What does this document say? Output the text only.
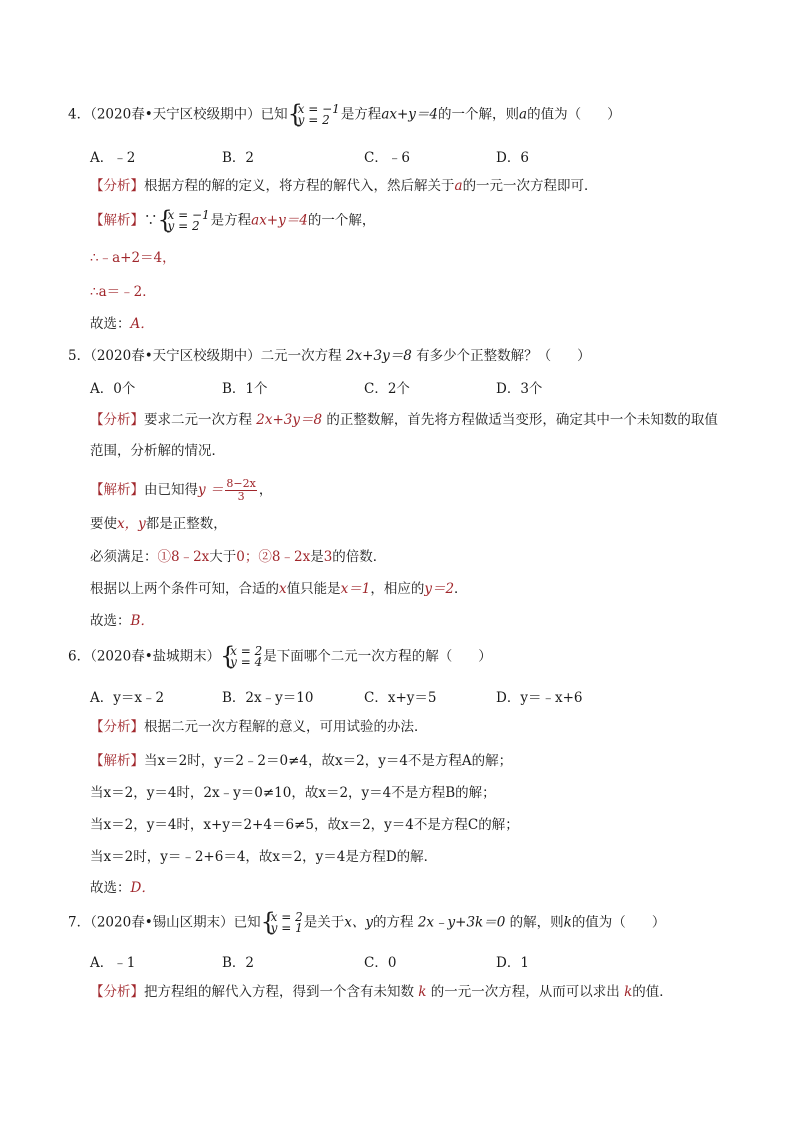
4．（2020春•天宁区校级期中）已知 { x = −1
y = 2 是方程ax+y＝4的一个解，则a的值为（ ）
A．﹣2	B．2	C．﹣6	D．6
【分析】根据方程的解的定义，将方程的解代入，然后解关于a的一元一次方程即可．
【解析】∵ { x = −1
y = 2 是方程ax+y＝4的一个解，
∴﹣a+2＝4，
∴a＝﹣2．
故选：A．
5．（2020春•天宁区校级期中）二元一次方程 2x+3y＝8 有多少个正整数解？（ ）
A．0个	B．1个	C．2个	D．3个
【分析】要求二元一次方程 2x+3y＝8 的正整数解，首先将方程做适当变形，确定其中一个未知数的取值
范围，分析解的情况．
【解析】由已知得$y = \frac{8-2x}{3}$ ，
要使x，y都是正整数，
必须满足：①8﹣2x大于0；②8﹣2x是3的倍数．
根据以上两个条件可知，合适的x值只能是x＝1，相应的y＝2．
故选：B．
6．（2020春•盐城期末） { x = 2
y = 4 是下面哪个二元一次方程的解（ ）
A．y＝x﹣2	B．2x﹣y＝10	C．x+y＝5	D．y＝﹣x+6
【分析】根据二元一次方程解的意义，可用试验的办法．
【解析】当x＝2时，y＝2﹣2＝0≠4，故x＝2，y＝4不是方程A的解；
当x＝2，y＝4时，2x﹣y＝0≠10，故x＝2，y＝4不是方程B的解；
当x＝2，y＝4时，x+y＝2+4＝6≠5，故x＝2，y＝4不是方程C的解；
当x＝2时，y＝﹣2+6＝4，故x＝2，y＝4是方程D的解．
故选：D．
7．（2020春•锡山区期末）已知 { x = 2
y = 1 是关于x、y的方程 2x﹣y+3k＝0 的解，则k的值为（ ）
A．﹣1	B．2	C．0	D．1
【分析】把方程组的解代入方程，得到一个含有未知数 k 的一元一次方程，从而可以求出 k的值．
